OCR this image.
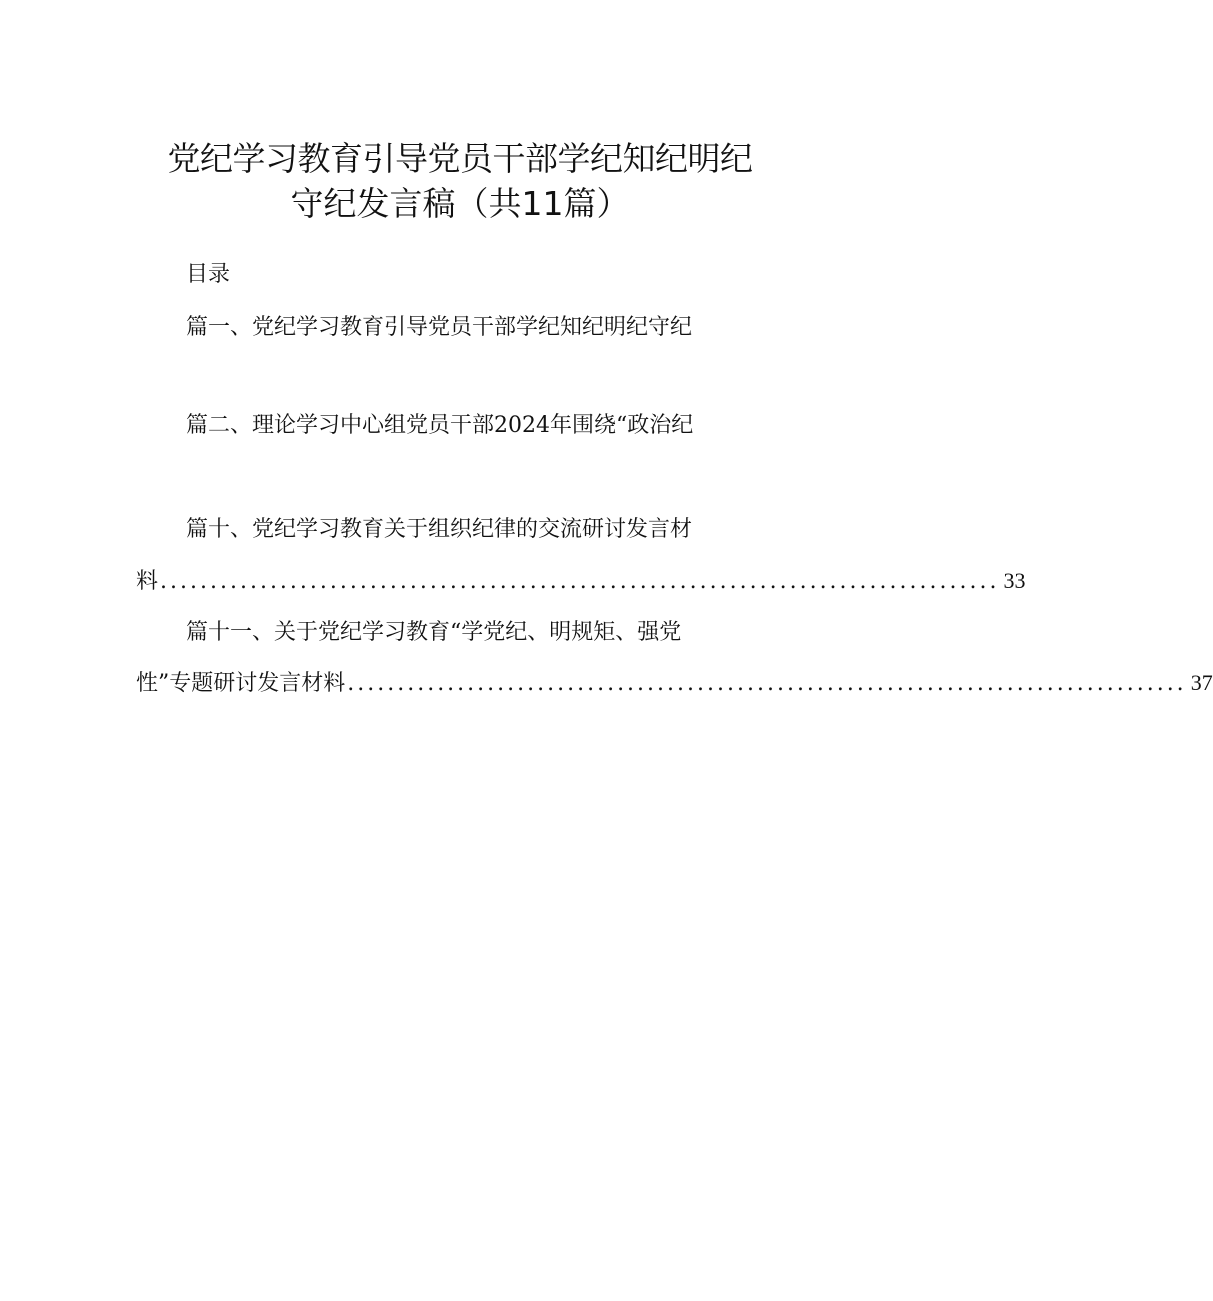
党纪学习教育引导党员干部学纪知纪明纪
守纪发言稿（共11篇）

目录

篇一、党纪学习教育引导党员干部学纪知纪明纪守纪
篇二、理论学习中心组党员干部2024年围绕“政治纪
篇十、党纪学习教育关于组织纪律的交流研讨发言材
料 .................................................................................... 33
篇十一、关于党纪学习教育“学党纪、明规矩、强党
性”专题研讨发言材料 .................................................................................... 37
